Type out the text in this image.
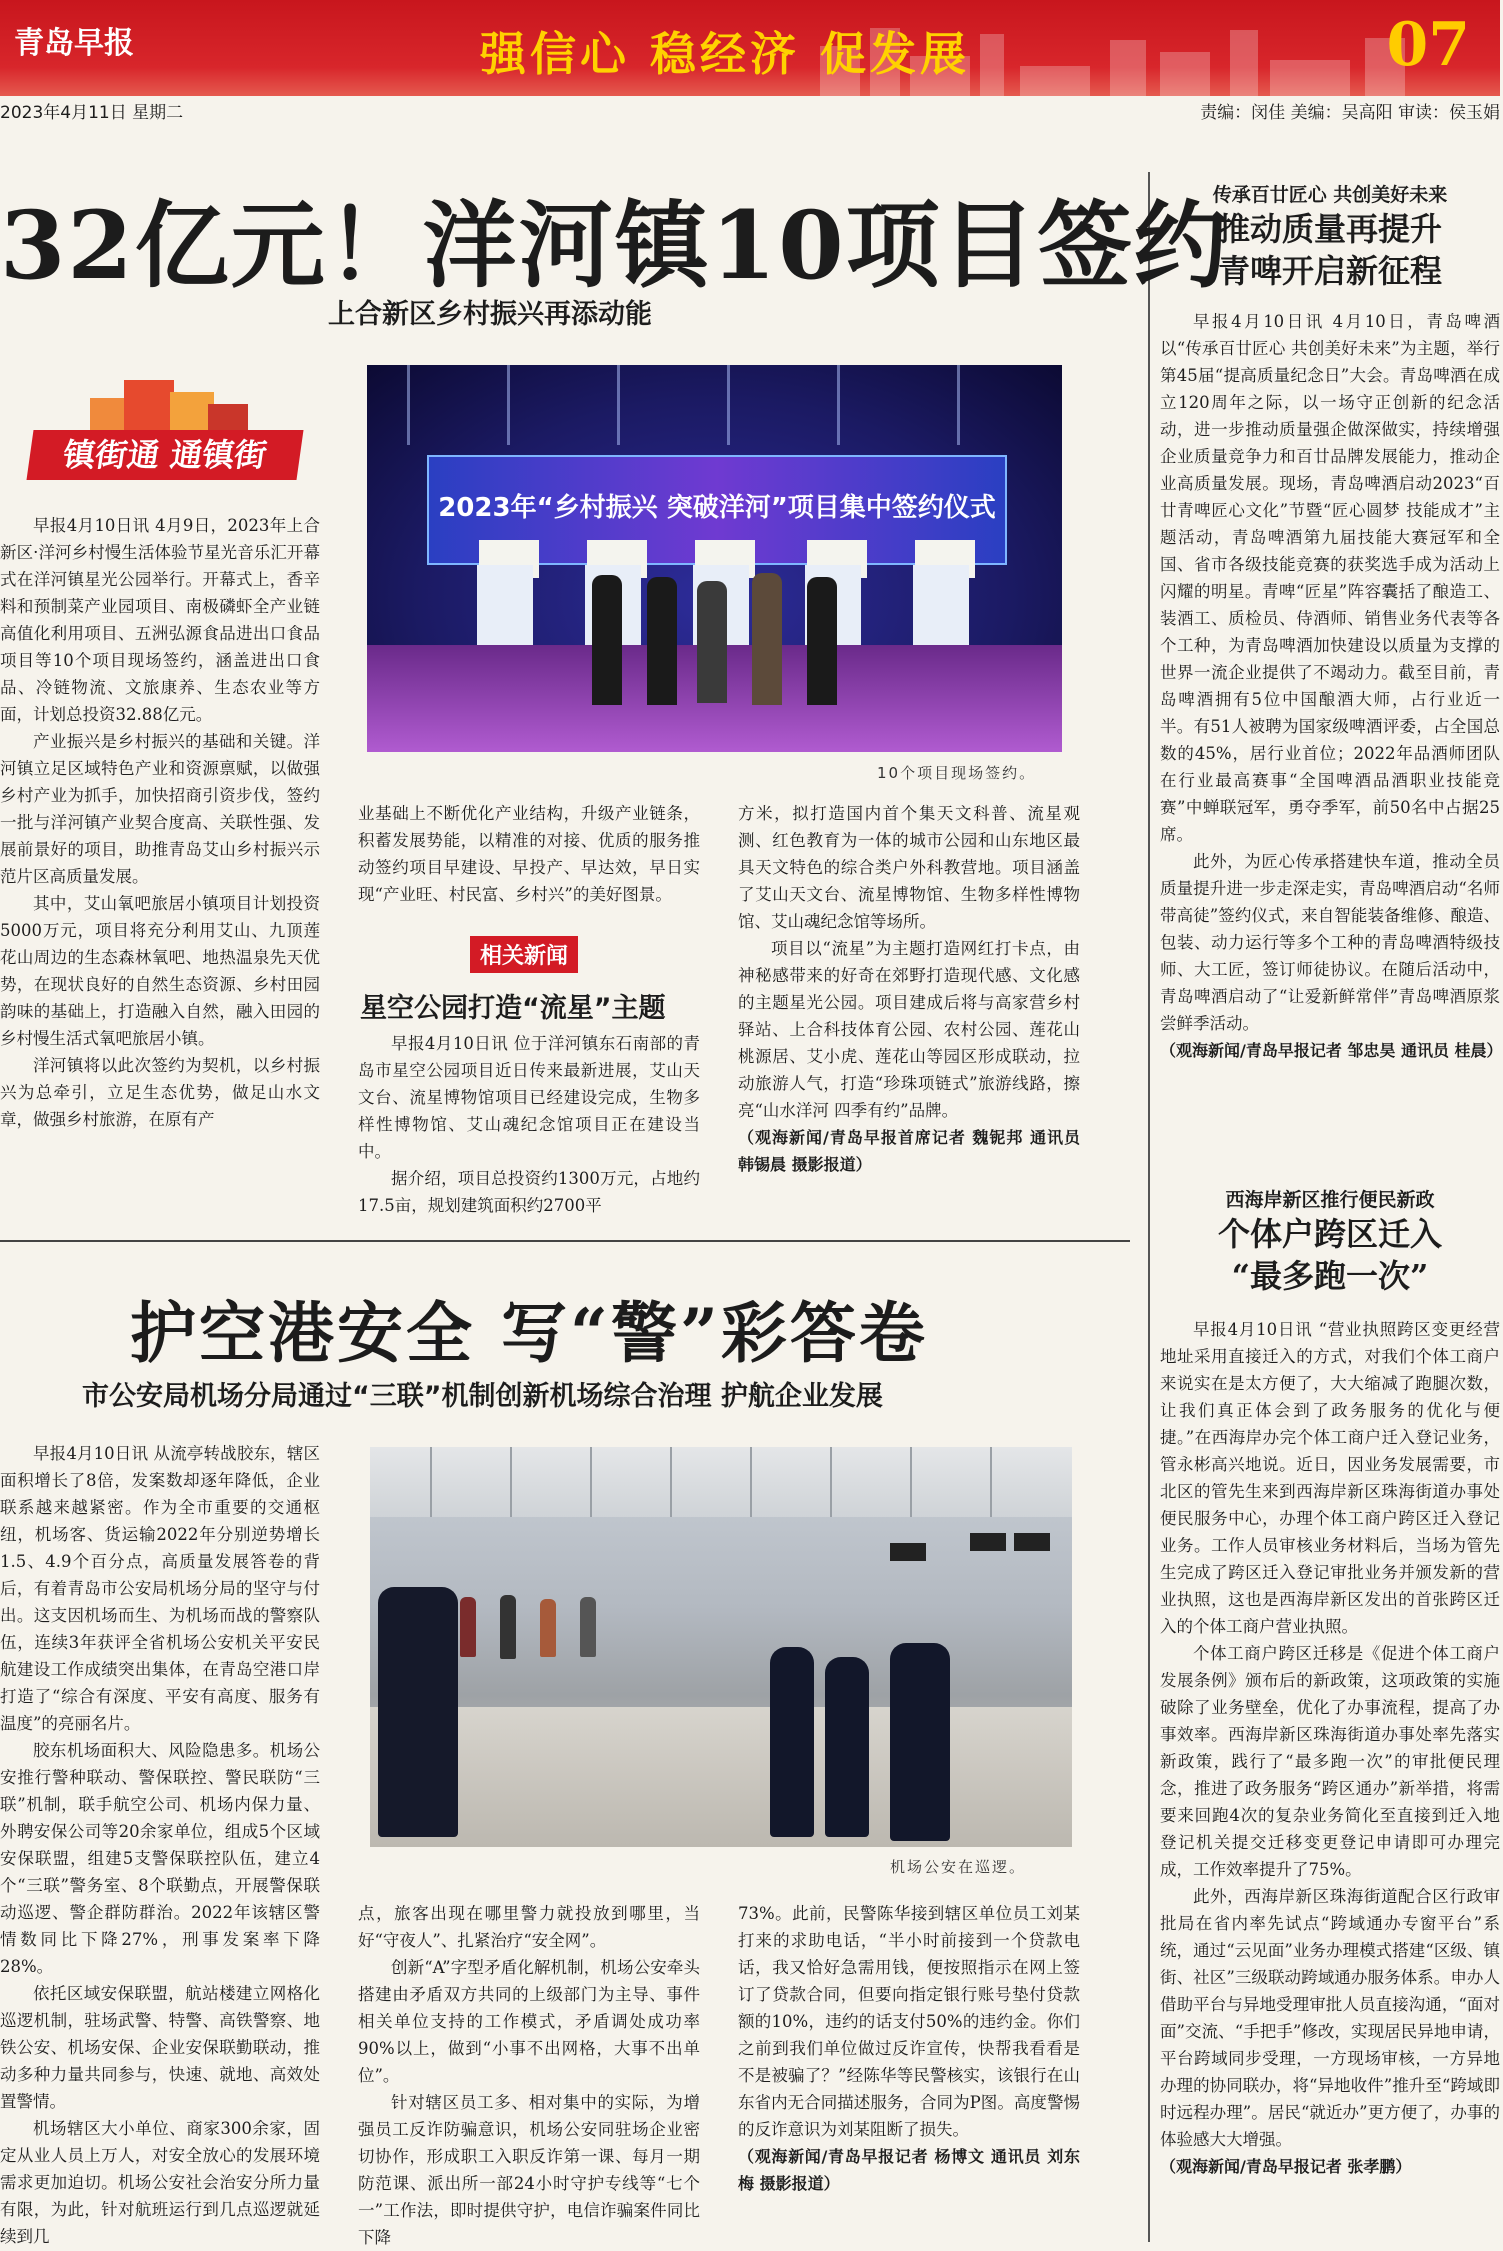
青岛早报	强信心 稳经济 促发展	07
2023年4月11日 星期二	责编：闵佳 美编：吴高阳 审读：侯玉娟
32亿元！洋河镇10项目签约
上合新区乡村振兴再添动能
镇街通 通镇街
2023年“乡村振兴 突破洋河”项目集中签约仪式
10个项目现场签约。

早报4月10日讯 4月9日，2023年上合新区·洋河乡村慢生活体验节星光音乐汇开幕式在洋河镇星光公园举行。开幕式上，香辛料和预制菜产业园项目、南极磷虾全产业链高值化利用项目、五洲弘源食品进出口食品项目等10个项目现场签约，涵盖进出口食品、冷链物流、文旅康养、生态农业等方面，计划总投资32.88亿元。

产业振兴是乡村振兴的基础和关键。洋河镇立足区域特色产业和资源禀赋，以做强乡村产业为抓手，加快招商引资步伐，签约一批与洋河镇产业契合度高、关联性强、发展前景好的项目，助推青岛艾山乡村振兴示范片区高质量发展。

其中，艾山氧吧旅居小镇项目计划投资5000万元，项目将充分利用艾山、九顶莲花山周边的生态森林氧吧、地热温泉先天优势，在现状良好的自然生态资源、乡村田园韵味的基础上，打造融入自然，融入田园的乡村慢生活式氧吧旅居小镇。

洋河镇将以此次签约为契机，以乡村振兴为总牵引，立足生态优势，做足山水文章，做强乡村旅游，在原有产

业基础上不断优化产业结构，升级产业链条，积蓄发展势能，以精准的对接、优质的服务推动签约项目早建设、早投产、早达效，早日实现“产业旺、村民富、乡村兴”的美好图景。

相关新闻
星空公园打造“流星”主题

早报4月10日讯 位于洋河镇东石南部的青岛市星空公园项目近日传来最新进展，艾山天文台、流星博物馆项目已经建设完成，生物多样性博物馆、艾山魂纪念馆项目正在建设当中。

据介绍，项目总投资约1300万元，占地约17.5亩，规划建筑面积约2700平

方米，拟打造国内首个集天文科普、流星观测、红色教育为一体的城市公园和山东地区最具天文特色的综合类户外科教营地。项目涵盖了艾山天文台、流星博物馆、生物多样性博物馆、艾山魂纪念馆等场所。

项目以“流星”为主题打造网红打卡点，由神秘感带来的好奇在郊野打造现代感、文化感的主题星光公园。项目建成后将与高家营乡村驿站、上合科技体育公园、农村公园、莲花山桃源居、艾小虎、莲花山等园区形成联动，拉动旅游人气，打造“珍珠项链式”旅游线路，擦亮“山水洋河 四季有约”品牌。

（观海新闻/青岛早报首席记者 魏铌邦 通讯员 韩锡晨 摄影报道）

传承百廿匠心 共创美好未来
推动质量再提升
青啤开启新征程

早报4月10日讯 4月10日，青岛啤酒以“传承百廿匠心 共创美好未来”为主题，举行第45届“提高质量纪念日”大会。青岛啤酒在成立120周年之际，以一场守正创新的纪念活动，进一步推动质量强企做深做实，持续增强企业质量竞争力和百廿品牌发展能力，推动企业高质量发展。现场，青岛啤酒启动2023“百廿青啤匠心文化”节暨“匠心圆梦 技能成才”主题活动，青岛啤酒第九届技能大赛冠军和全国、省市各级技能竞赛的获奖选手成为活动上闪耀的明星。青啤“匠星”阵容囊括了酿造工、装酒工、质检员、侍酒师、销售业务代表等各个工种，为青岛啤酒加快建设以质量为支撑的世界一流企业提供了不竭动力。截至目前，青岛啤酒拥有5位中国酿酒大师，占行业近一半。有51人被聘为国家级啤酒评委，占全国总数的45%，居行业首位；2022年品酒师团队在行业最高赛事“全国啤酒品酒职业技能竞赛”中蝉联冠军，勇夺季军，前50名中占据25席。

此外，为匠心传承搭建快车道，推动全员质量提升进一步走深走实，青岛啤酒启动“名师带高徒”签约仪式，来自智能装备维修、酿造、包装、动力运行等多个工种的青岛啤酒特级技师、大工匠，签订师徒协议。在随后活动中，青岛啤酒启动了“让爱新鲜常伴”青岛啤酒原浆尝鲜季活动。

（观海新闻/青岛早报记者 邹忠昊 通讯员 桂晨）

西海岸新区推行便民新政
个体户跨区迁入
“最多跑一次”

早报4月10日讯 “营业执照跨区变更经营地址采用直接迁入的方式，对我们个体工商户来说实在是太方便了，大大缩减了跑腿次数，让我们真正体会到了政务服务的优化与便捷。”在西海岸办完个体工商户迁入登记业务，管永彬高兴地说。近日，因业务发展需要，市北区的管先生来到西海岸新区珠海街道办事处便民服务中心，办理个体工商户跨区迁入登记业务。工作人员审核业务材料后，当场为管先生完成了跨区迁入登记审批业务并颁发新的营业执照，这也是西海岸新区发出的首张跨区迁入的个体工商户营业执照。

个体工商户跨区迁移是《促进个体工商户发展条例》颁布后的新政策，这项政策的实施破除了业务壁垒，优化了办事流程，提高了办事效率。西海岸新区珠海街道办事处率先落实新政策，践行了“最多跑一次”的审批便民理念，推进了政务服务“跨区通办”新举措，将需要来回跑4次的复杂业务简化至直接到迁入地登记机关提交迁移变更登记申请即可办理完成，工作效率提升了75%。

此外，西海岸新区珠海街道配合区行政审批局在省内率先试点“跨域通办专窗平台”系统，通过“云见面”业务办理模式搭建“区级、镇街、社区”三级联动跨域通办服务体系。申办人借助平台与异地受理审批人员直接沟通，“面对面”交流、“手把手”修改，实现居民异地申请，平台跨域同步受理，一方现场审核，一方异地办理的协同联办，将“异地收件”推升至“跨域即时远程办理”。居民“就近办”更方便了，办事的体验感大大增强。

（观海新闻/青岛早报记者 张孝鹏）

护空港安全 写“警”彩答卷
市公安局机场分局通过“三联”机制创新机场综合治理 护航企业发展
机场公安在巡逻。

早报4月10日讯 从流亭转战胶东，辖区面积增长了8倍，发案数却逐年降低，企业联系越来越紧密。作为全市重要的交通枢纽，机场客、货运输2022年分别逆势增长1.5、4.9个百分点，高质量发展答卷的背后，有着青岛市公安局机场分局的坚守与付出。这支因机场而生、为机场而战的警察队伍，连续3年获评全省机场公安机关平安民航建设工作成绩突出集体，在青岛空港口岸打造了“综合有深度、平安有高度、服务有温度”的亮丽名片。

胶东机场面积大、风险隐患多。机场公安推行警种联动、警保联控、警民联防“三联”机制，联手航空公司、机场内保力量、外聘安保公司等20余家单位，组成5个区域安保联盟，组建5支警保联控队伍，建立4个“三联”警务室、8个联勤点，开展警保联动巡逻、警企群防群治。2022年该辖区警情数同比下降27%，刑事发案率下降28%。

依托区域安保联盟，航站楼建立网格化巡逻机制，驻场武警、特警、高铁警察、地铁公安、机场安保、企业安保联勤联动，推动多种力量共同参与，快速、就地、高效处置警情。

机场辖区大小单位、商家300余家，固定从业人员上万人，对安全放心的发展环境需求更加迫切。机场公安社会治安分所力量有限，为此，针对航班运行到几点巡逻就延续到几

点，旅客出现在哪里警力就投放到哪里，当好“守夜人”、扎紧治疗“安全网”。

创新“A”字型矛盾化解机制，机场公安牵头搭建由矛盾双方共同的上级部门为主导、事件相关单位支持的工作模式，矛盾调处成功率90%以上，做到“小事不出网格，大事不出单位”。

针对辖区员工多、相对集中的实际，为增强员工反诈防骗意识，机场公安同驻场企业密切协作，形成职工入职反诈第一课、每月一期防范课、派出所一部24小时守护专线等“七个一”工作法，即时提供守护，电信诈骗案件同比下降

73%。此前，民警陈华接到辖区单位员工刘某打来的求助电话，“半小时前接到一个贷款电话，我又恰好急需用钱，便按照指示在网上签订了贷款合同，但要向指定银行账号垫付贷款额的10%，违约的话支付50%的违约金。你们之前到我们单位做过反诈宣传，快帮我看看是不是被骗了？”经陈华等民警核实，该银行在山东省内无合同描述服务，合同为P图。高度警惕的反诈意识为刘某阻断了损失。

（观海新闻/青岛早报记者 杨博文 通讯员 刘东梅 摄影报道）
